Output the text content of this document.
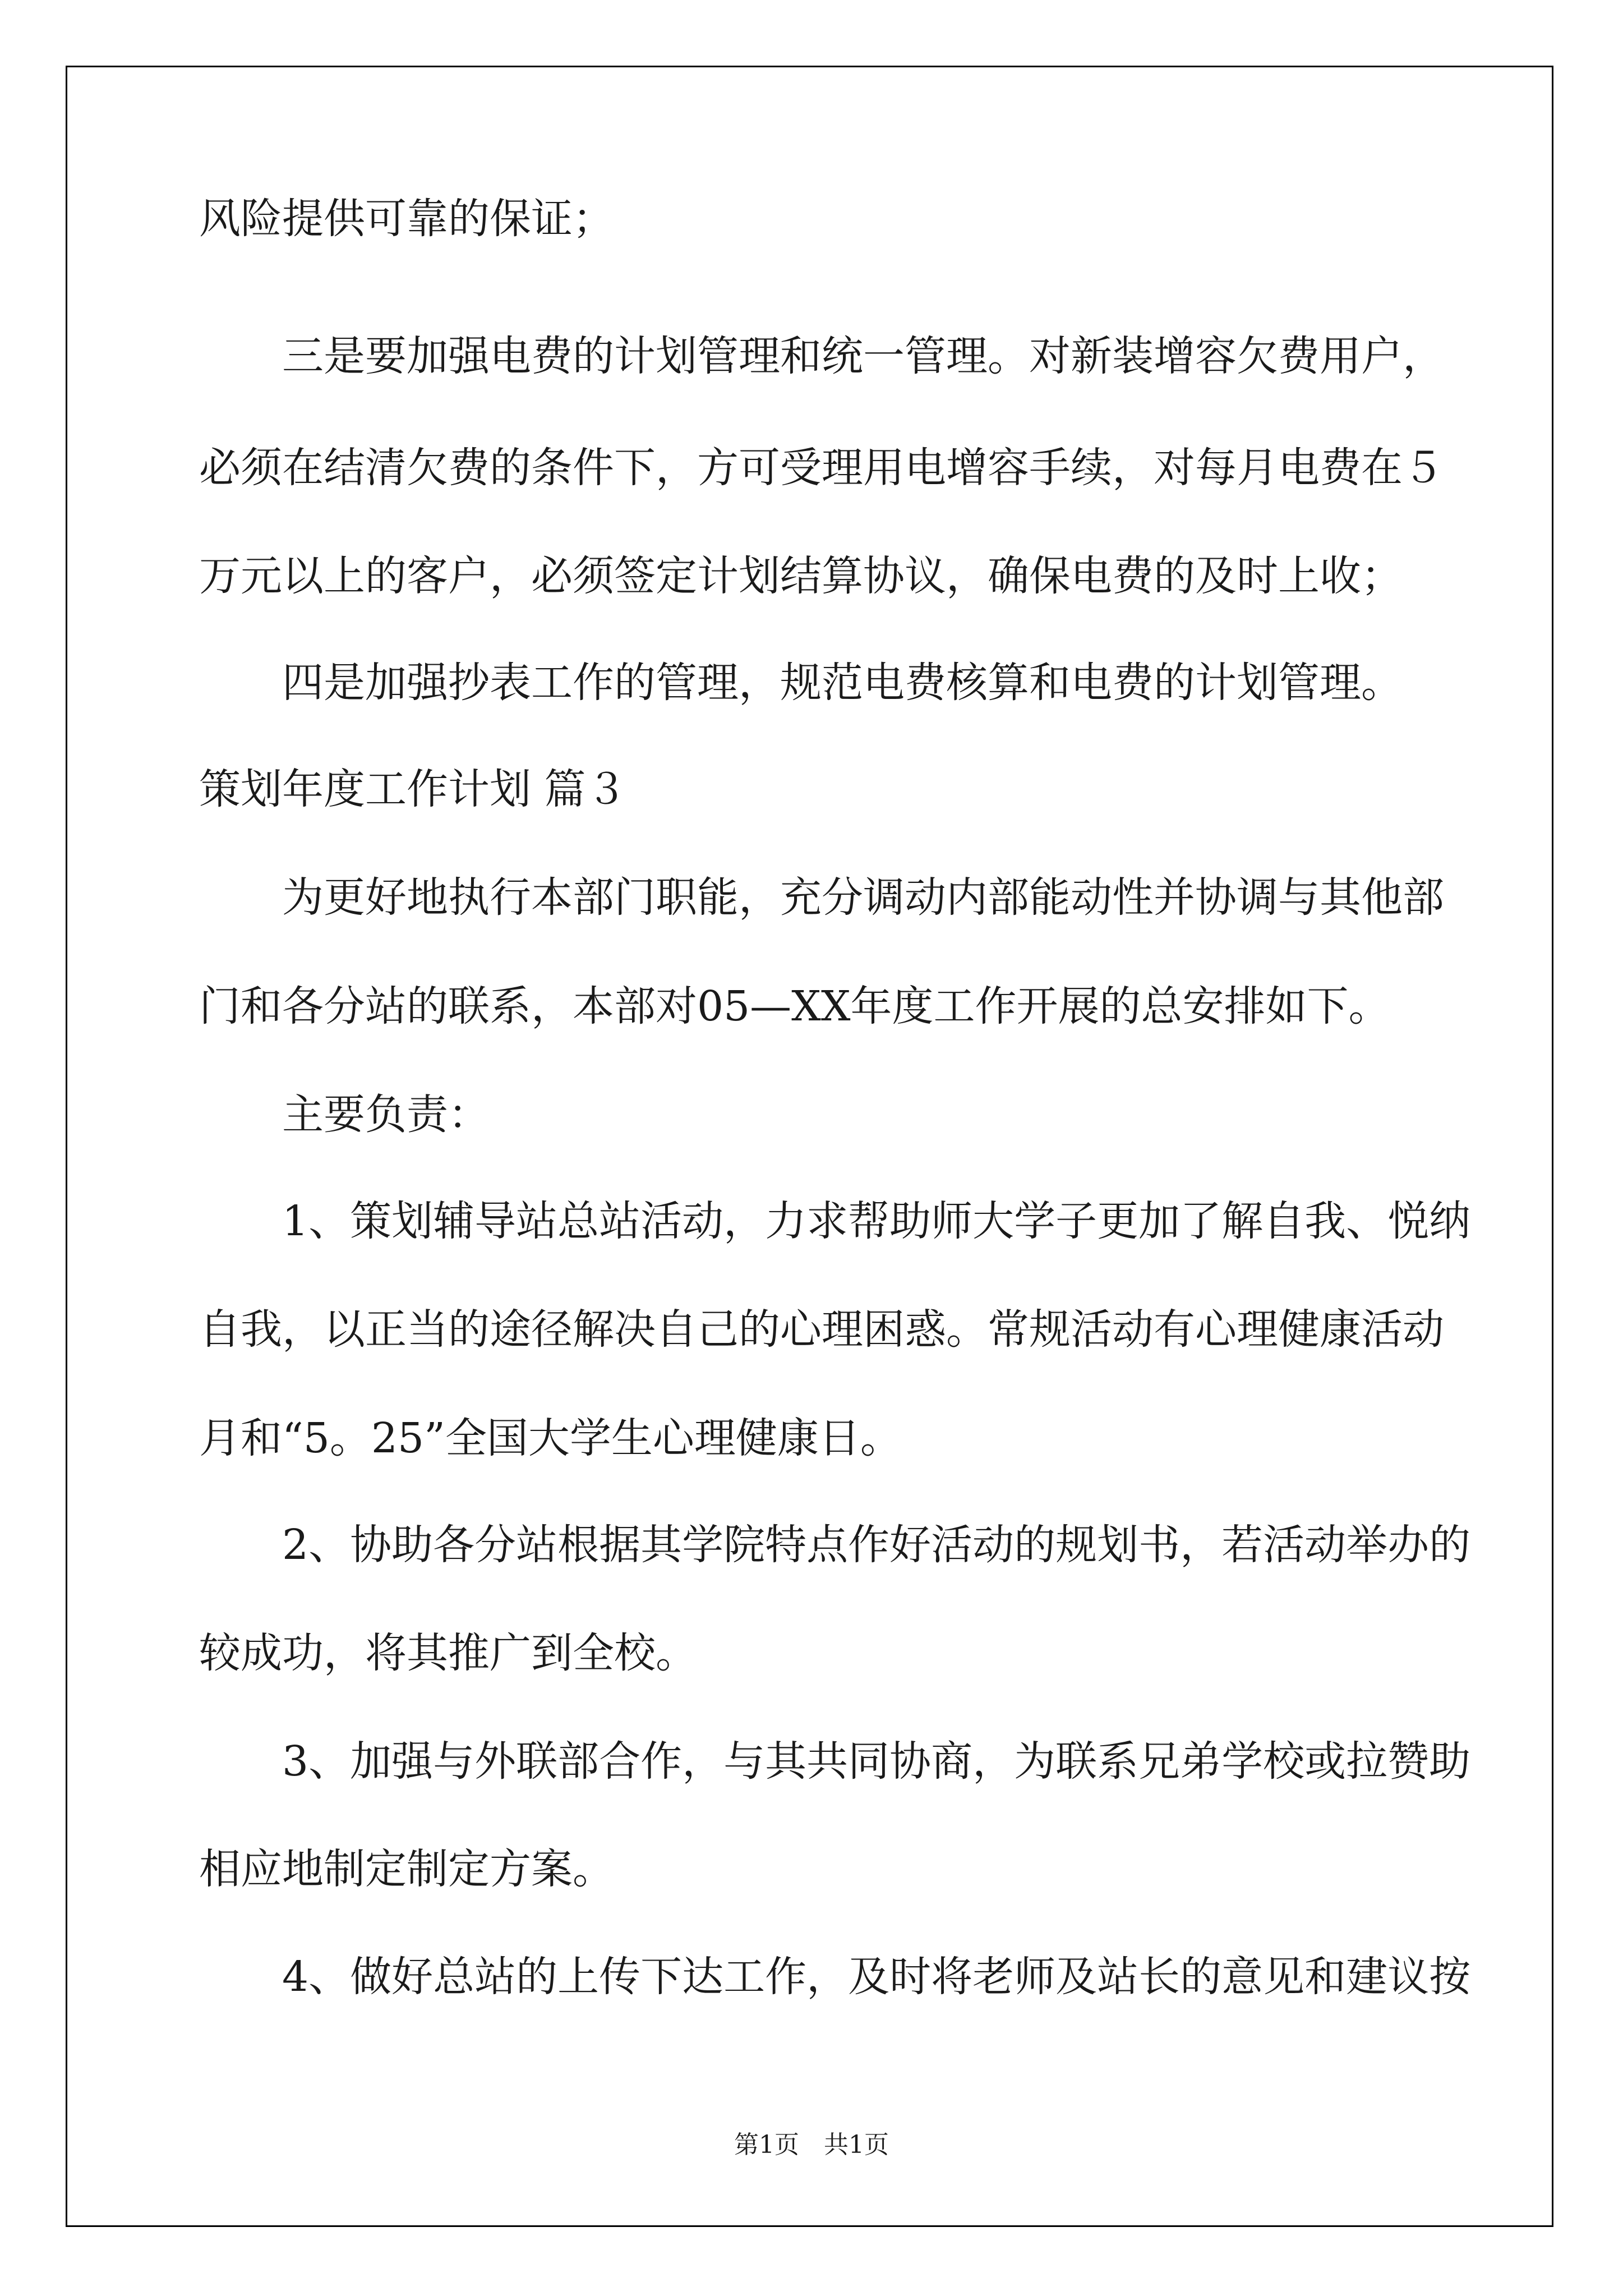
风险提供可靠的保证；

　　三是要加强电费的计划管理和统一管理。对新装增容欠费用户，

必须在结清欠费的条件下，方可受理用电增容手续，对每月电费在５

万元以上的客户，必须签定计划结算协议，确保电费的及时上收；

　　四是加强抄表工作的管理，规范电费核算和电费的计划管理。

策划年度工作计划 篇３

　　为更好地执行本部门职能，充分调动内部能动性并协调与其他部

门和各分站的联系，本部对05—XX年度工作开展的总安排如下。

　　主要负责：

　　1、策划辅导站总站活动，力求帮助师大学子更加了解自我、悦纳

自我，以正当的途径解决自己的心理困惑。常规活动有心理健康活动

月和“5。25”全国大学生心理健康日。

　　2、协助各分站根据其学院特点作好活动的规划书，若活动举办的

较成功，将其推广到全校。

　　3、加强与外联部合作，与其共同协商，为联系兄弟学校或拉赞助

相应地制定制定方案。

　　4、做好总站的上传下达工作，及时将老师及站长的意见和建议按

第1页　共1页
